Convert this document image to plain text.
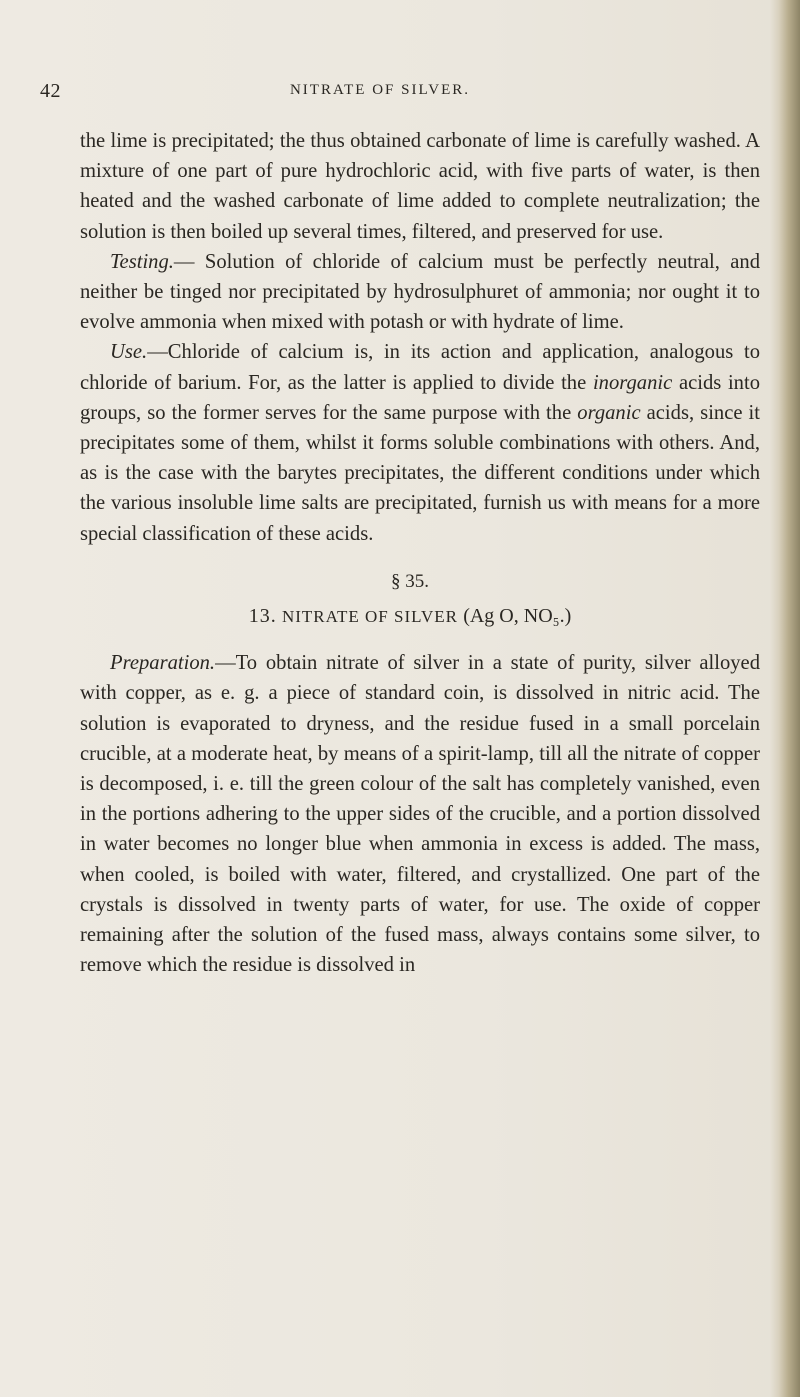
42	NITRATE OF SILVER.

the lime is precipitated; the thus obtained carbonate of lime is carefully washed. A mixture of one part of pure hydrochloric acid, with five parts of water, is then heated and the washed carbonate of lime added to complete neutralization; the solution is then boiled up several times, filtered, and preserved for use.

Testing.— Solution of chloride of calcium must be perfectly neutral, and neither be tinged nor precipitated by hydrosulphuret of ammonia; nor ought it to evolve ammonia when mixed with potash or with hydrate of lime.

Use.—Chloride of calcium is, in its action and application, analogous to chloride of barium. For, as the latter is applied to divide the inorganic acids into groups, so the former serves for the same purpose with the organic acids, since it precipitates some of them, whilst it forms soluble combinations with others. And, as is the case with the barytes precipitates, the different conditions under which the various insoluble lime salts are precipitated, furnish us with means for a more special classification of these acids.

§ 35.

13. NITRATE OF SILVER (Ag O, NO₅.)

Preparation.—To obtain nitrate of silver in a state of purity, silver alloyed with copper, as e. g. a piece of standard coin, is dissolved in nitric acid. The solution is evaporated to dryness, and the residue fused in a small porcelain crucible, at a moderate heat, by means of a spirit-lamp, till all the nitrate of copper is decomposed, i. e. till the green colour of the salt has completely vanished, even in the portions adhering to the upper sides of the crucible, and a portion dissolved in water becomes no longer blue when ammonia in excess is added. The mass, when cooled, is boiled with water, filtered, and crystallized. One part of the crystals is dissolved in twenty parts of water, for use. The oxide of copper remaining after the solution of the fused mass, always contains some silver, to remove which the residue is dissolved in
